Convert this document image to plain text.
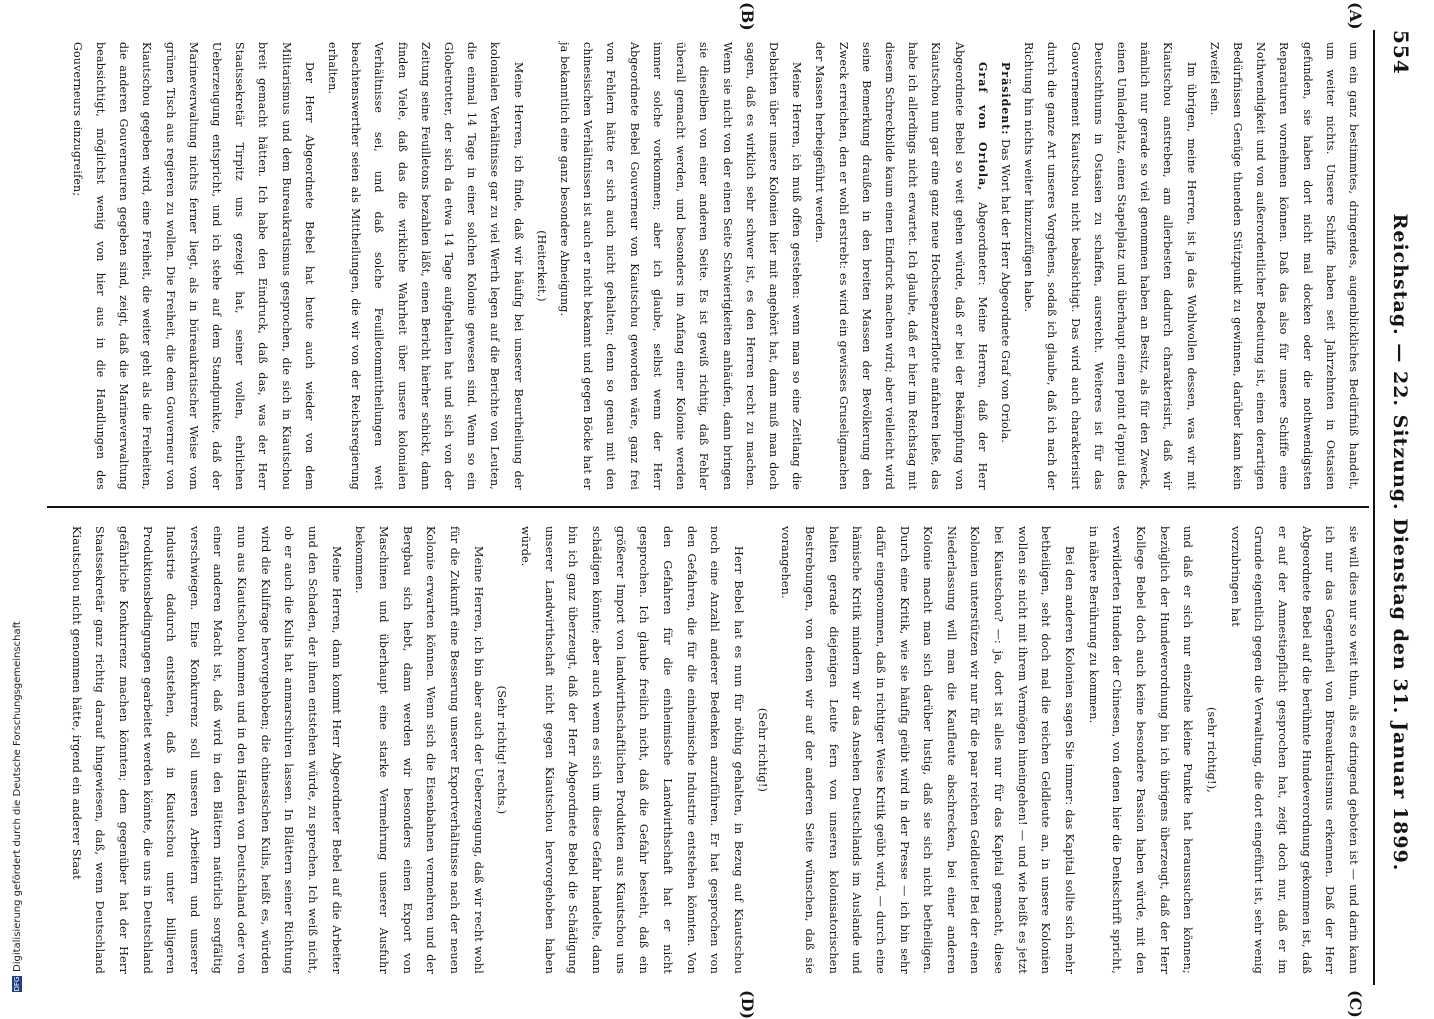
554
Reichstag. — 22. Sitzung. Dienstag den 31. Januar 1899.
(A)
(B)
(C)
(D)

um ein ganz bestimmtes, dringendes, augenblickliches Bedürfniß handelt, um weiter nichts. Unsere Schiffe haben seit Jahrzehnten in Ostasien gefunden, sie haben dort nicht mal docken oder die nothwendigsten Reparaturen vornehmen können. Daß das also für unsere Schiffe eine Nothwendigkeit und von außerordentlicher Bedeutung ist, einen derartigen Bedürfnissen Genüge thuenden Stützpunkt zu gewinnen, darüber kann kein Zweifel sein.

Im übrigen, meine Herren, ist ja das Wohlwollen dessen, was wir mit Kiautschou anstreben, am allerbesten dadurch charakterisirt, daß wir nämlich nur gerade so viel genommen haben an Besitz, als für den Zweck, einen Umladeplatz, einen Stapelplatz und überhaupt einen point d'appui des Deutschthums in Ostasien zu schaffen, ausreicht. Weiteres ist für das Gouvernement Kiautschou nicht beabsichtigt. Das wird auch charakterisirt durch die ganze Art unseres Vorgehens, sodaß ich glaube, daß ich nach der Richtung hin nichts weiter hinzuzufügen habe.

Präsident: Das Wort hat der Herr Abgeordnete Graf von Oriola.

Graf von Oriola, Abgeordneter: Meine Herren, daß der Herr Abgeordnete Bebel so weit gehen würde, daß er bei der Bekämpfung von Kiautschou nun gar eine ganz neue Hochseepanzerflotte anfahren ließe, das habe ich allerdings nicht erwartet. Ich glaube, daß er hier im Reichstag mit diesem Schreckbilde kaum einen Eindruck machen wird; aber vielleicht wird seine Bemerkung draußen in den breiten Massen der Bevölkerung den Zweck erreichen, den er wohl erstrebt: es wird ein gewisses Gruseligmachen der Massen herbeigeführt werden.

Meine Herren, ich muß offen gestehen: wenn man so eine Zeitlang die Debatten über unsere Kolonien hier mit angehört hat, dann muß man doch sagen, daß es wirklich sehr schwer ist, es den Herren recht zu machen. Wenn sie nicht von der einen Seite Schwierigkeiten anhäufen, dann bringen sie dieselben von einer anderen Seite. Es ist gewiß richtig, daß Fehler überall gemacht werden, und besonders im Anfang einer Kolonie werden immer solche vorkommen; aber ich glaube, selbst wenn der Herr Abgeordnete Bebel Gouverneur von Kiautschou geworden wäre, ganz frei von Fehlern hätte er sich auch nicht gehalten; denn so genau mit den chinesischen Verhältnissen ist auch er nicht bekannt und gegen Böcke hat er ja bekanntlich eine ganz besondere Abneigung.

(Heiterkeit.)

Meine Herren, ich finde, daß wir häufig bei unserer Beurtheilung der kolonialen Verhältnisse gar zu viel Werth legen auf die Berichte von Leuten, die einmal 14 Tage in einer solchen Kolonie gewesen sind. Wenn so ein Globetrotter, der sich da etwa 14 Tage aufgehalten hat und sich von der Zeitung seine Feuilletons bezahlen läßt, einen Bericht hierher schickt, dann finden Viele, daß das die wirkliche Wahrheit über unsere kolonialen Verhältnisse sei, und daß solche Feuilletonmittheilungen weit beachtenswerther seien als Mittheilungen, die wir von der Reichsregierung erhalten.

Der Herr Abgeordnete Bebel hat heute auch wieder von dem Militarismus und dem Bureaukratismus gesprochen, die sich in Kiautschou breit gemacht hätten. Ich habe den Eindruck, daß das, was der Herr Staatssekretär Tirpitz uns gezeigt hat, seiner vollen, ehrlichen Ueberzeugung entspricht, und ich stehe auf dem Standpunkte, daß der Marineverwaltung nichts ferner liegt, als in büreaukratischer Weise vom grünen Tisch aus regieren zu wollen. Die Freiheit, die dem Gouverneur von Kiautschou gegeben wird, eine Freiheit, die weiter geht als die Freiheiten, die anderen Gouverneuren gegeben sind, zeigt, daß die Marineverwaltung beabsichtigt, möglichst wenig von hier aus in die Handlungen des Gouverneurs einzugreifen;

sie will dies nur so weit thun, als es dringend geboten ist — und darin kann ich nur das Gegentheil von Büreaukratismus erkennen. Daß der Herr Abgeordnete Bebel auf die berühmte Hundeverordnung gekommen ist, daß er auf der Amnestiepflicht gesprochen hat, zeigt doch nur, daß er im Grunde eigentlich gegen die Verwaltung, die dort eingeführt ist, sehr wenig vorzubringen hat

(sehr richtig!),

und daß er sich nur einzelne kleine Punkte hat heraussuchen können; bezüglich der Hundeverordnung bin ich übrigens überzeugt, daß der Herr Kollege Bebel doch auch keine besondere Passion haben würde, mit den verwilderten Hunden der Chinesen, von denen hier die Denkschrift spricht, in nähere Berührung zu kommen.

Bei den anderen Kolonien sagen Sie immer: das Kapital sollte sich mehr betheiligen, seht doch mal die reichen Geldleute an, in unsere Kolonien wollen sie nicht mit ihrem Vermögen hineingehen! — und wie heißt es jetzt bei Kiautschou? —: ja, dort ist alles nur für das Kapital gemacht, diese Kolonien unterstützen wir nur für die paar reichen Geldleute! Bei der einen Niederlassung will man die Kaufleute abschrecken, bei einer anderen Kolonie macht man sich darüber lustig, daß sie sich nicht betheiligen. Durch eine Kritik, wie sie häufig geübt wird in der Presse — ich bin sehr dafür eingenommen, daß in richtiger Weise Kritik geübt wird, — durch eine hämische Kritik mindern wir das Ansehen Deutschlands im Auslande und halten gerade diejenigen Leute fern von unseren kolonisatorischen Bestrebungen, von denen wir auf der anderen Seite wünschen, daß sie vorangehen.

(Sehr richtig!)

Herr Bebel hat es nun für nöthig gehalten, in Bezug auf Kiautschou noch eine Anzahl anderer Bedenken anzuführen. Er hat gesprochen von den Gefahren, die für die einheimische Industrie entstehen könnten. Von den Gefahren für die einheimische Landwirthschaft hat er nicht gesprochen. Ich glaube freilich nicht, daß die Gefahr besteht, daß ein größerer Import von landwirthschaftlichen Produkten aus Kiautschou uns schädigen könnte; aber auch wenn es sich um diese Gefahr handelte, dann bin ich ganz überzeugt, daß der Herr Abgeordnete Bebel die Schädigung unserer Landwirthschaft nicht gegen Kiautschou hervorgehoben haben würde.

(Sehr richtig! rechts.)

Meine Herren, ich bin aber auch der Ueberzeugung, daß wir recht wohl für die Zukunft eine Besserung unserer Exportverhältnisse nach der neuen Kolonie erwarten können. Wenn sich die Eisenbahnen vermehren und der Bergbau sich hebt, dann werden wir besonders einen Export von Maschinen und überhaupt eine starke Vermehrung unserer Ausfuhr bekommen.

Meine Herren, dann kommt Herr Abgeordneter Bebel auf die Arbeiter und den Schaden, der ihnen entstehen würde, zu sprechen. Ich weiß nicht, ob er auch die Kulis hat anmarschiren lassen. In Blättern seiner Richtung wird die Kulifrage hervorgehoben; die chinesischen Kulis, heißt es, würden nun aus Kiautschou kommen und in den Händen von Deutschland oder von einer anderen Macht ist, daß wird in den Blättern natürlich sorgfältig verschwiegen. Eine Konkurrenz soll unseren Arbeitern und unserer Industrie dadurch entstehen, daß in Kiautschou unter billigeren Produktionsbedingungen gearbeitet werden könnte, die uns in Deutschland gefährliche Konkurrenz machen könnten; dem gegenüber hat der Herr Staatssekretär ganz richtig darauf hingewiesen, daß, wenn Deutschland Kiautschou nicht genommen hätte, irgend ein anderer Staat

DFGDigitalisierung gefördert durch die Deutsche Forschungsgemeinschaft
